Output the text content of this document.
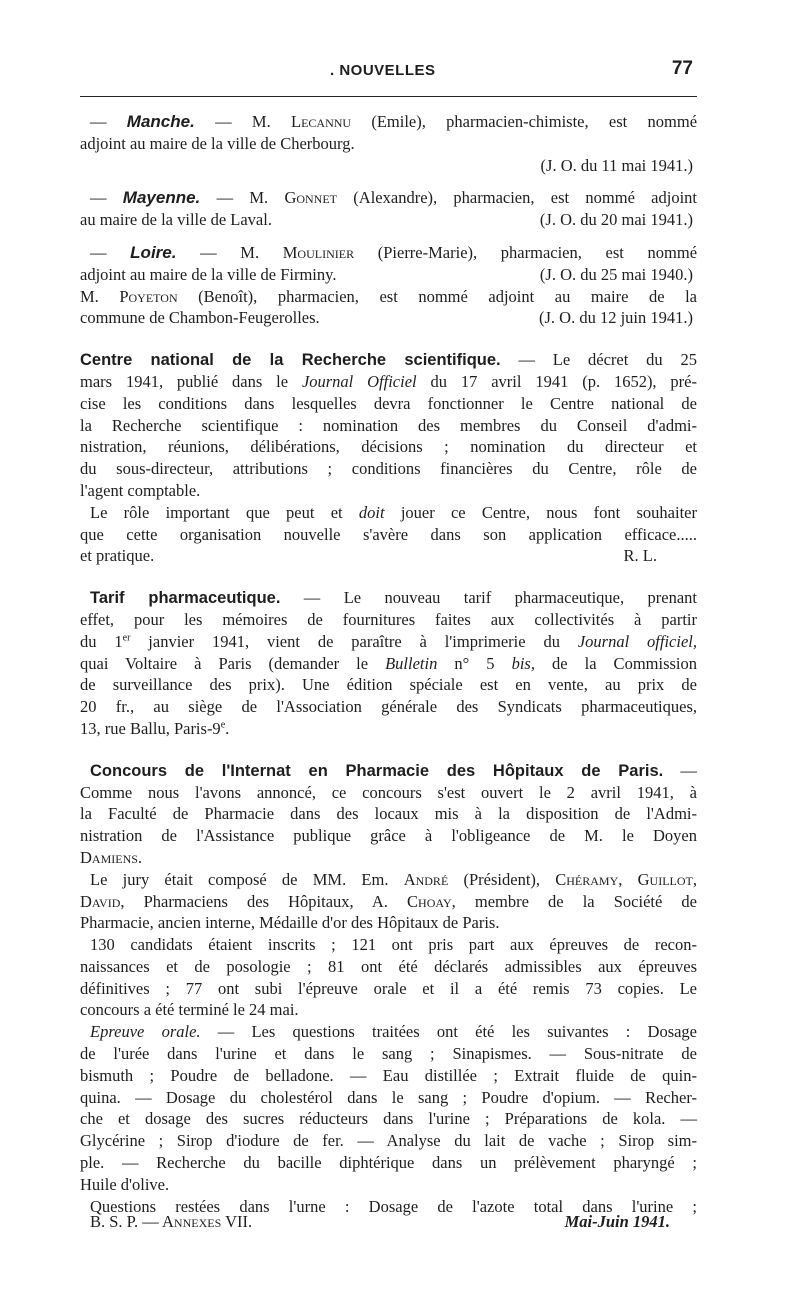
. NOUVELLES	77
— Manche. — M. Lecannu (Emile), pharmacien-chimiste, est nommé
adjoint au maire de la ville de Cherbourg.
(J. O. du 11 mai 1941.)
— Mayenne. — M. Gonnet (Alexandre), pharmacien, est nommé adjoint
au maire de la ville de Laval.	(J. O. du 20 mai 1941.)
— Loire. — M. Moulinier (Pierre-Marie), pharmacien, est nommé
adjoint au maire de la ville de Firminy.	(J. O. du 25 mai 1940.)
M. Poyeton (Benoît), pharmacien, est nommé adjoint au maire de la
commune de Chambon-Feugerolles.	(J. O. du 12 juin 1941.)
Centre national de la Recherche scientifique. — Le décret du 25
mars 1941, publié dans le Journal Officiel du 17 avril 1941 (p. 1652), pré-
cise les conditions dans lesquelles devra fonctionner le Centre national de
la Recherche scientifique : nomination des membres du Conseil d'admi-
nistration, réunions, délibérations, décisions ; nomination du directeur et
du sous-directeur, attributions ; conditions financières du Centre, rôle de
l'agent comptable.
Le rôle important que peut et doit jouer ce Centre, nous font souhaiter
que cette organisation nouvelle s'avère dans son application efficace.....
et pratique.	R. L.
Tarif pharmaceutique. — Le nouveau tarif pharmaceutique, prenant
effet, pour les mémoires de fournitures faites aux collectivités à partir
du 1er janvier 1941, vient de paraître à l'imprimerie du Journal officiel,
quai Voltaire à Paris (demander le Bulletin n° 5 bis, de la Commission
de surveillance des prix). Une édition spéciale est en vente, au prix de
20 fr., au siège de l'Association générale des Syndicats pharmaceutiques,
13, rue Ballu, Paris-9e.
Concours de l'Internat en Pharmacie des Hôpitaux de Paris. —
Comme nous l'avons annoncé, ce concours s'est ouvert le 2 avril 1941, à
la Faculté de Pharmacie dans des locaux mis à la disposition de l'Admi-
nistration de l'Assistance publique grâce à l'obligeance de M. le Doyen
Damiens.
Le jury était composé de MM. Em. André (Président), Chéramy, Guillot,
David, Pharmaciens des Hôpitaux, A. Choay, membre de la Société de
Pharmacie, ancien interne, Médaille d'or des Hôpitaux de Paris.
130 candidats étaient inscrits ; 121 ont pris part aux épreuves de recon-
naissances et de posologie ; 81 ont été déclarés admissibles aux épreuves
définitives ; 77 ont subi l'épreuve orale et il a été remis 73 copies. Le
concours a été terminé le 24 mai.
Epreuve orale. — Les questions traitées ont été les suivantes : Dosage
de l'urée dans l'urine et dans le sang ; Sinapismes. — Sous-nitrate de
bismuth ; Poudre de belladone. — Eau distillée ; Extrait fluide de quin-
quina. — Dosage du cholestérol dans le sang ; Poudre d'opium. — Recher-
che et dosage des sucres réducteurs dans l'urine ; Préparations de kola. —
Glycérine ; Sirop d'iodure de fer. — Analyse du lait de vache ; Sirop sim-
ple. — Recherche du bacille diphtérique dans un prélèvement pharyngé ;
Huile d'olive.
Questions restées dans l'urne : Dosage de l'azote total dans l'urine ;
B. S. P. — Annexes VII.	Mai-Juin 1941.
